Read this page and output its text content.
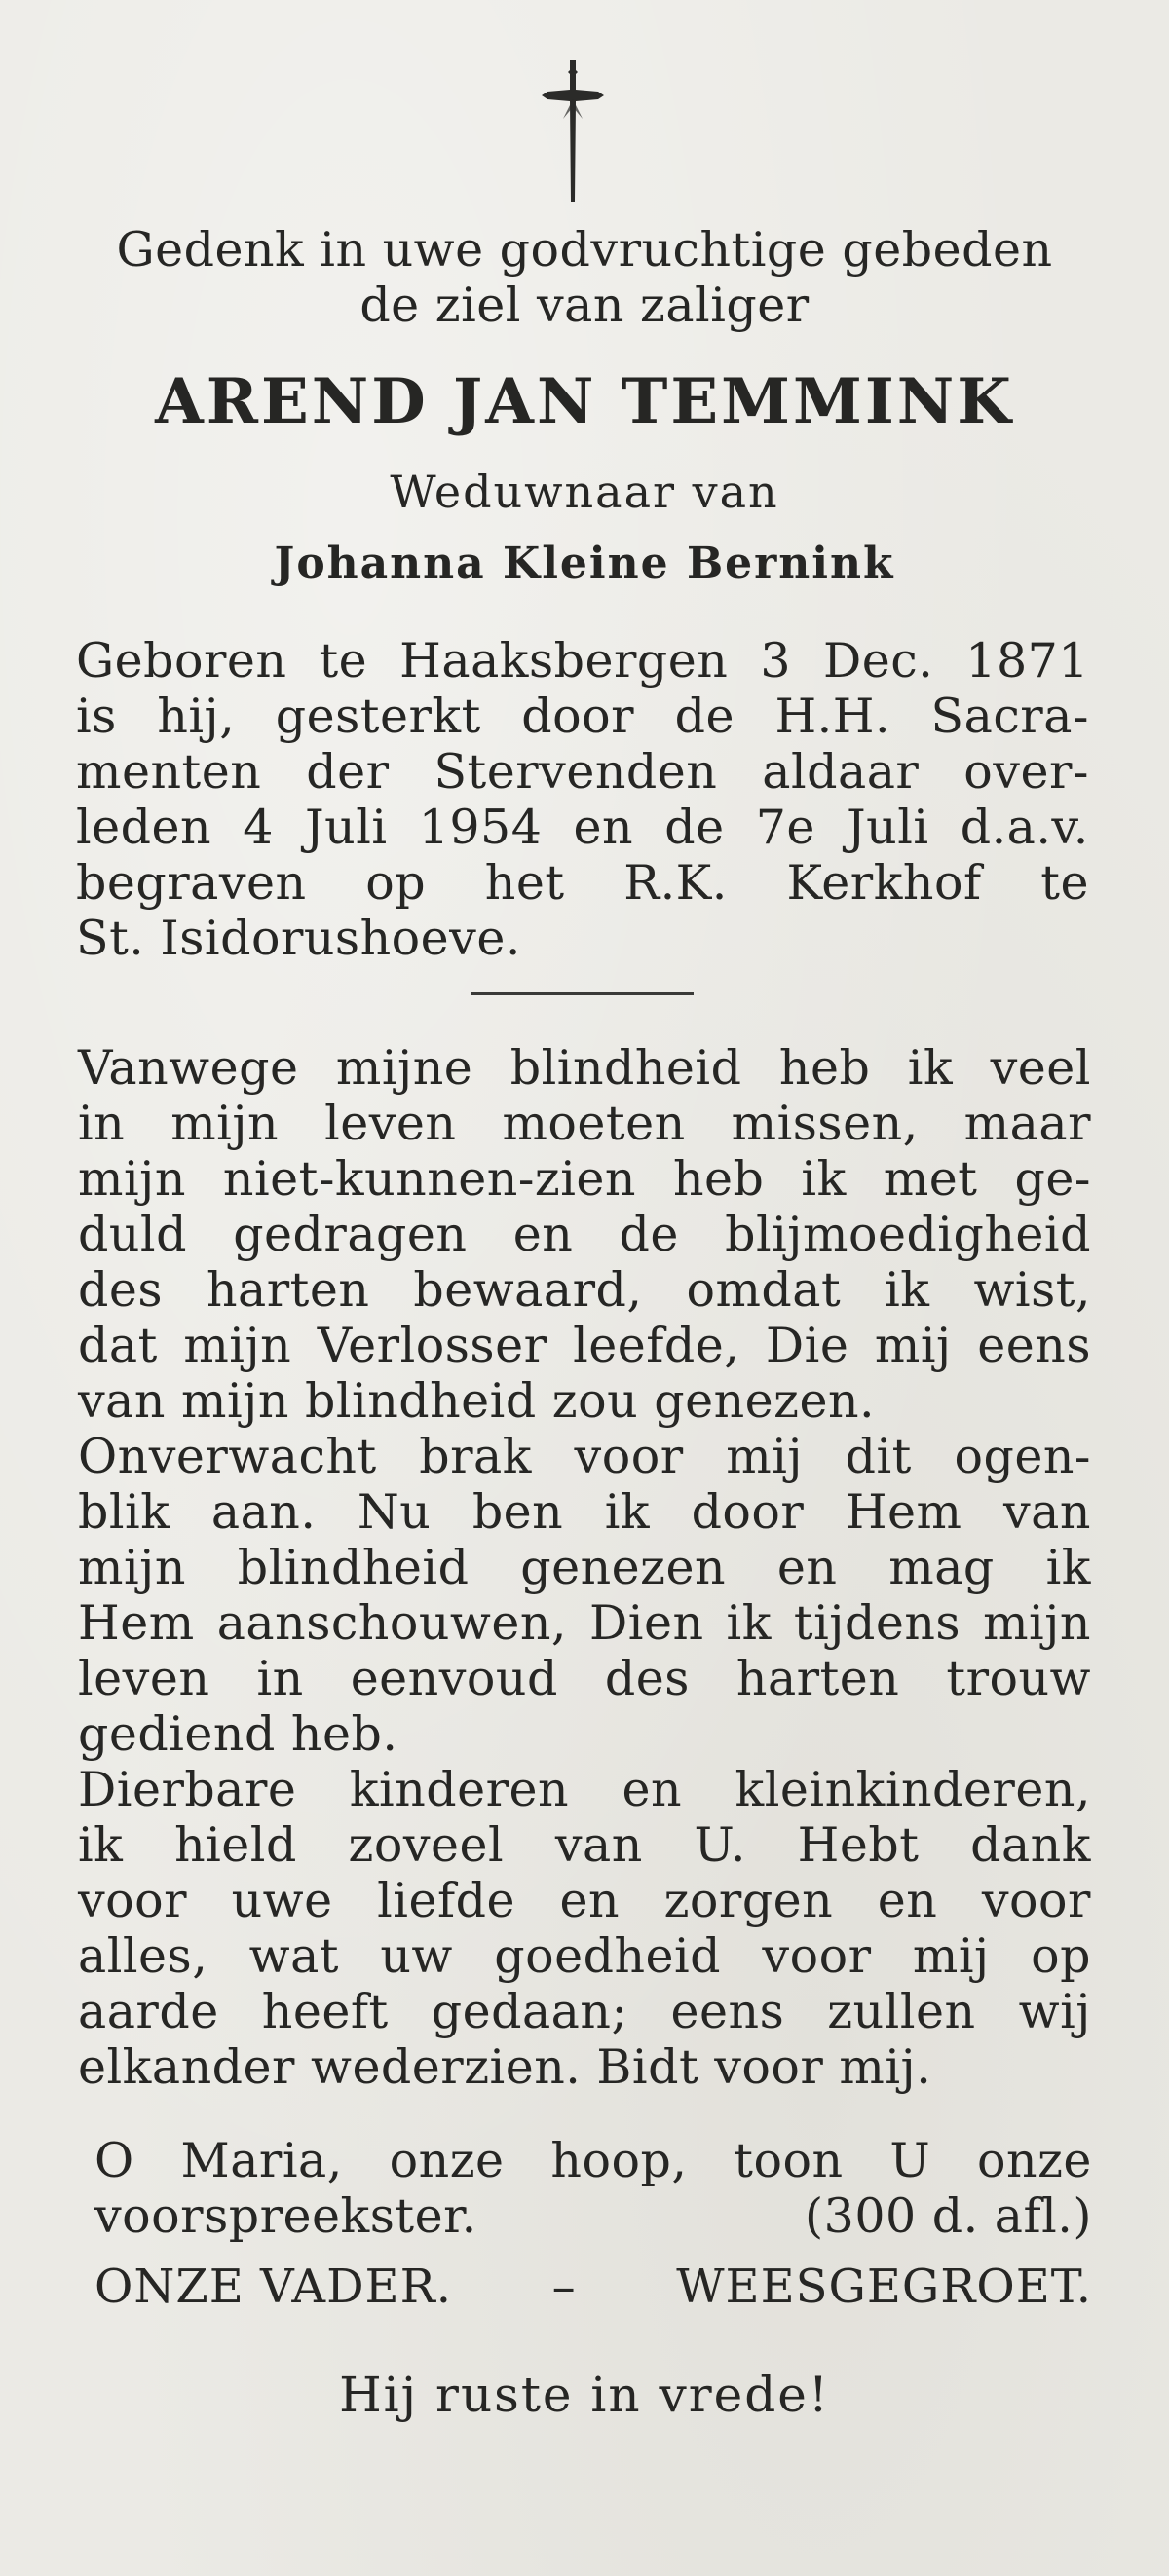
Gedenk in uwe godvruchtige gebeden
de ziel van zaliger
AREND JAN TEMMINK
Weduwnaar van
Johanna Kleine Bernink
Geboren te Haaksbergen 3 Dec. 1871
is hij, gesterkt door de H.H. Sacra-
menten der Stervenden aldaar over-
leden 4 Juli 1954 en de 7e Juli d.a.v.
begraven op het R.K. Kerkhof te
St. Isidorushoeve.
Vanwege mijne blindheid heb ik veel
in mijn leven moeten missen, maar
mijn niet-kunnen-zien heb ik met ge-
duld gedragen en de blijmoedigheid
des harten bewaard, omdat ik wist,
dat mijn Verlosser leefde, Die mij eens
van mijn blindheid zou genezen.
Onverwacht brak voor mij dit ogen-
blik aan. Nu ben ik door Hem van
mijn blindheid genezen en mag ik
Hem aanschouwen, Dien ik tijdens mijn
leven in eenvoud des harten trouw
gediend heb.
Dierbare kinderen en kleinkinderen,
ik hield zoveel van U. Hebt dank
voor uwe liefde en zorgen en voor
alles, wat uw goedheid voor mij op
aarde heeft gedaan; eens zullen wij
elkander wederzien. Bidt voor mij.
O Maria, onze hoop, toon U onze
voorspreekster.	(300 d. afl.)
ONZE VADER. – WEESGEGROET.
Hij ruste in vrede!
